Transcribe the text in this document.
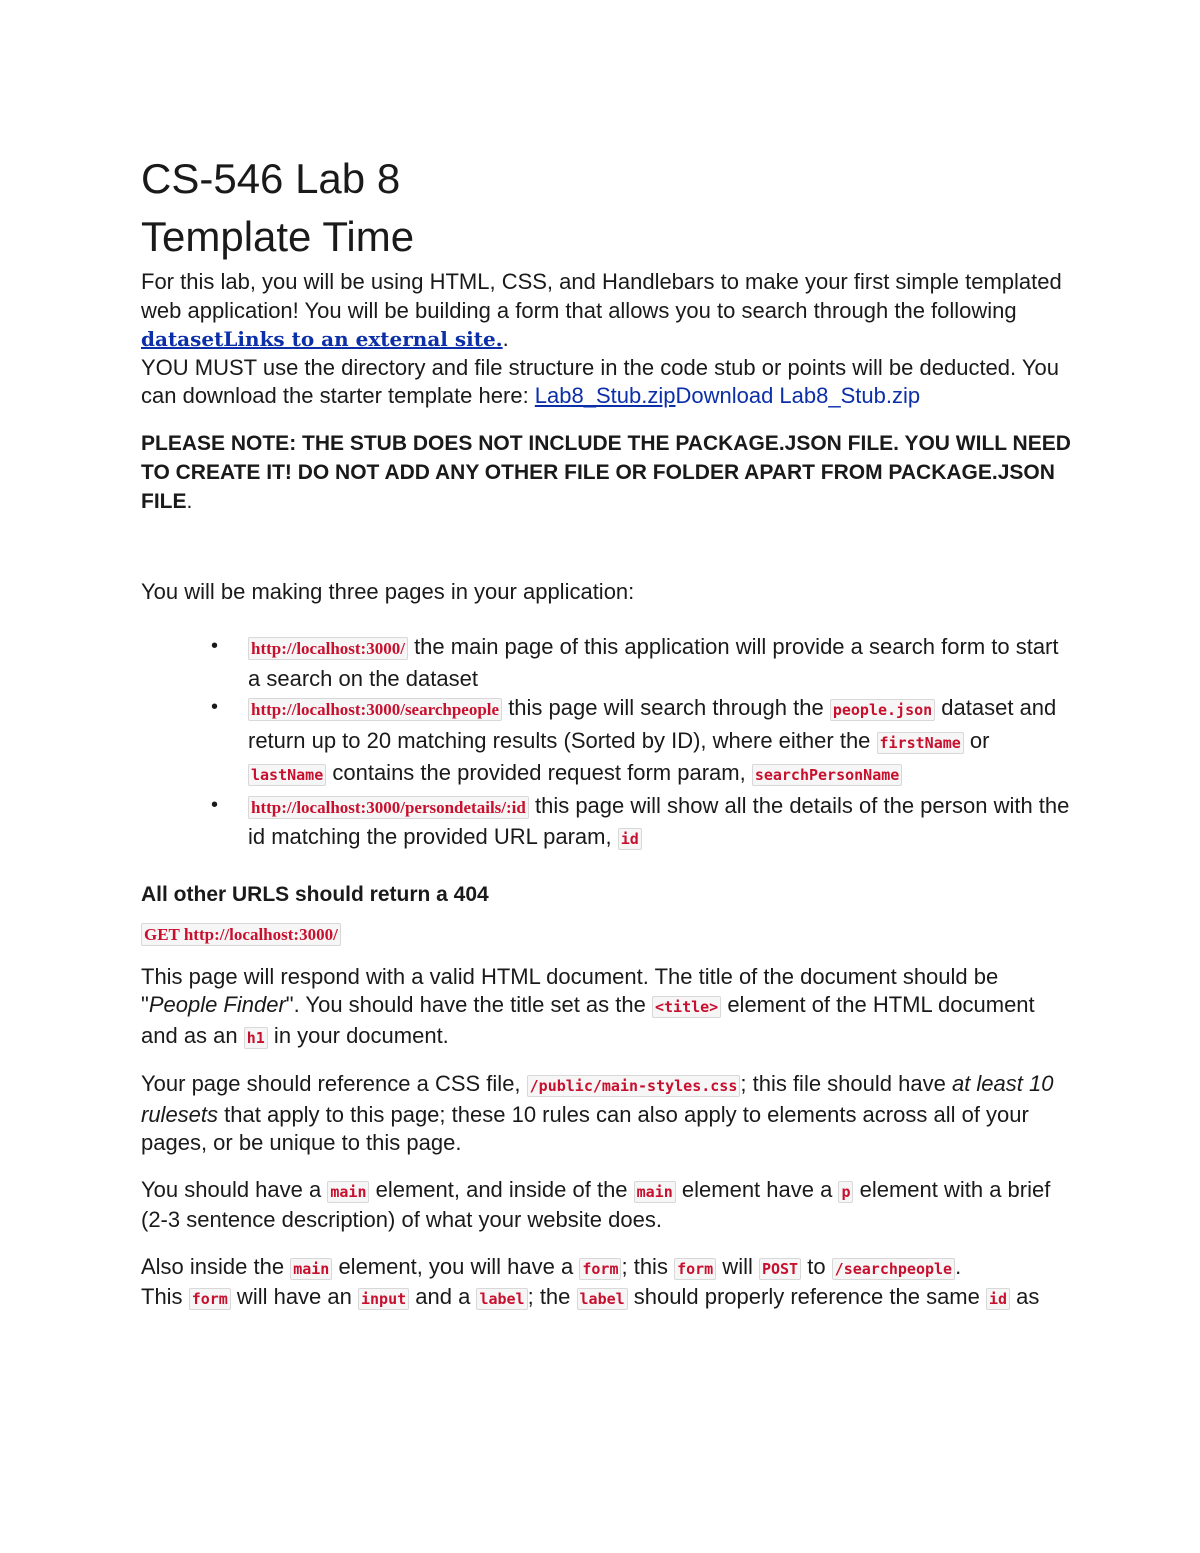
CS-546 Lab 8
Template Time

For this lab, you will be using HTML, CSS, and Handlebars to make your first simple templated web application! You will be building a form that allows you to search through the following datasetLinks to an external site..
YOU MUST use the directory and file structure in the code stub or points will be deducted. You can download the starter template here: Lab8_Stub.zipDownload Lab8_Stub.zip

PLEASE NOTE: THE STUB DOES NOT INCLUDE THE PACKAGE.JSON FILE. YOU WILL NEED TO CREATE IT! DO NOT ADD ANY OTHER FILE OR FOLDER APART FROM PACKAGE.JSON FILE.

You will be making three pages in your application:

• http://localhost:3000/ the main page of this application will provide a search form to start a search on the dataset
• http://localhost:3000/searchpeople this page will search through the people.json dataset and return up to 20 matching results (Sorted by ID), where either the firstName or lastName contains the provided request form param, searchPersonName
• http://localhost:3000/persondetails/:id this page will show all the details of the person with the id matching the provided URL param, id

All other URLS should return a 404

GET http://localhost:3000/

This page will respond with a valid HTML document. The title of the document should be "People Finder". You should have the title set as the <title> element of the HTML document and as an h1 in your document.

Your page should reference a CSS file, /public/main-styles.css ; this file should have at least 10 rulesets that apply to this page; these 10 rules can also apply to elements across all of your pages, or be unique to this page.

You should have a main element, and inside of the main element have a p element with a brief (2-3 sentence description) of what your website does.

Also inside the main element, you will have a form ; this form will POST to /searchpeople .
This form will have an input and a label ; the label should properly reference the same id as
